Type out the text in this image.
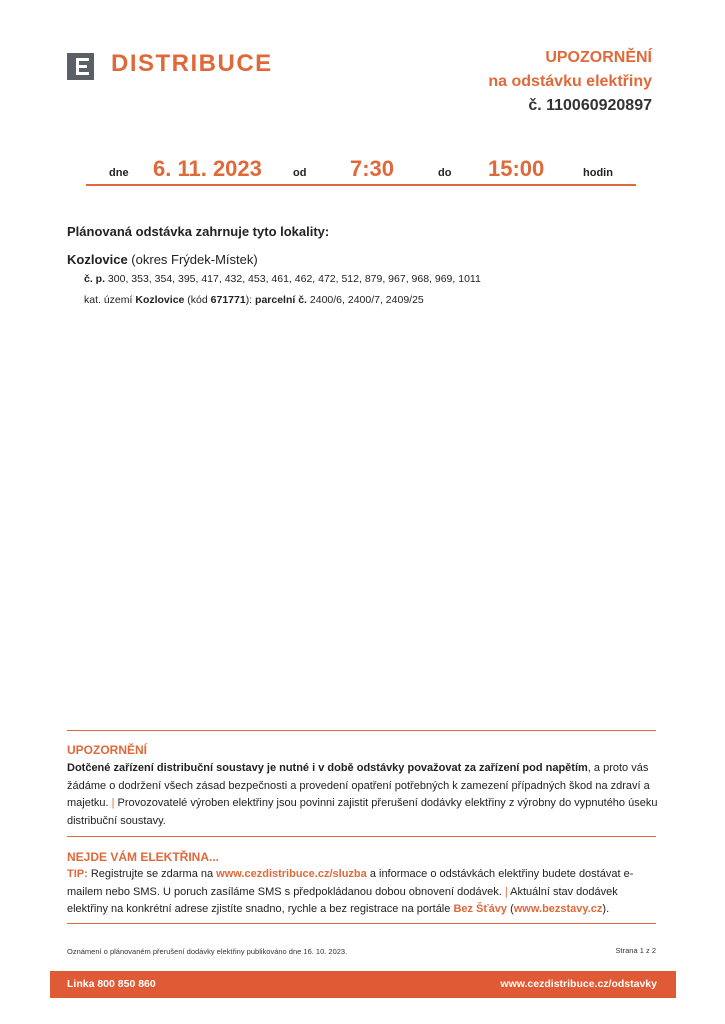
DISTRIBUCE	UPOZORNĚNÍ
na odstávku elektřiny
č. 110060920897
dne 6. 11. 2023	od 7:30	do 15:00	hodin
Plánovaná odstávka zahrnuje tyto lokality:
Kozlovice (okres Frýdek-Místek)
č. p. 300, 353, 354, 395, 417, 432, 453, 461, 462, 472, 512, 879, 967, 968, 969, 1011
kat. území Kozlovice (kód 671771): parcelní č. 2400/6, 2400/7, 2409/25
UPOZORNĚNÍ
Dotčené zařízení distribuční soustavy je nutné i v době odstávky považovat za zařízení pod napětím, a proto vás žádáme o dodržení všech zásad bezpečnosti a provedení opatření potřebných k zamezení případných škod na zdraví a majetku. | Provozovatelé výroben elektřiny jsou povinni zajistit přerušení dodávky elektřiny z výrobny do vypnutého úseku distribuční soustavy.
NEJDE VÁM ELEKTŘINA...
TIP: Registrujte se zdarma na www.cezdistribuce.cz/sluzba a informace o odstávkách elektřiny budete dostávat e-mailem nebo SMS. U poruch zasíláme SMS s předpokládanou dobou obnovení dodávek. | Aktuální stav dodávek elektřiny na konkrétní adrese zjistíte snadno, rychle a bez registrace na portále Bez Šťávy (www.bezstavy.cz).
Oznámení o plánovaném přerušení dodávky elektřiny publikováno dne 16. 10. 2023.	Strana 1 z 2
Linka 800 850 860	www.cezdistribuce.cz/odstavky
